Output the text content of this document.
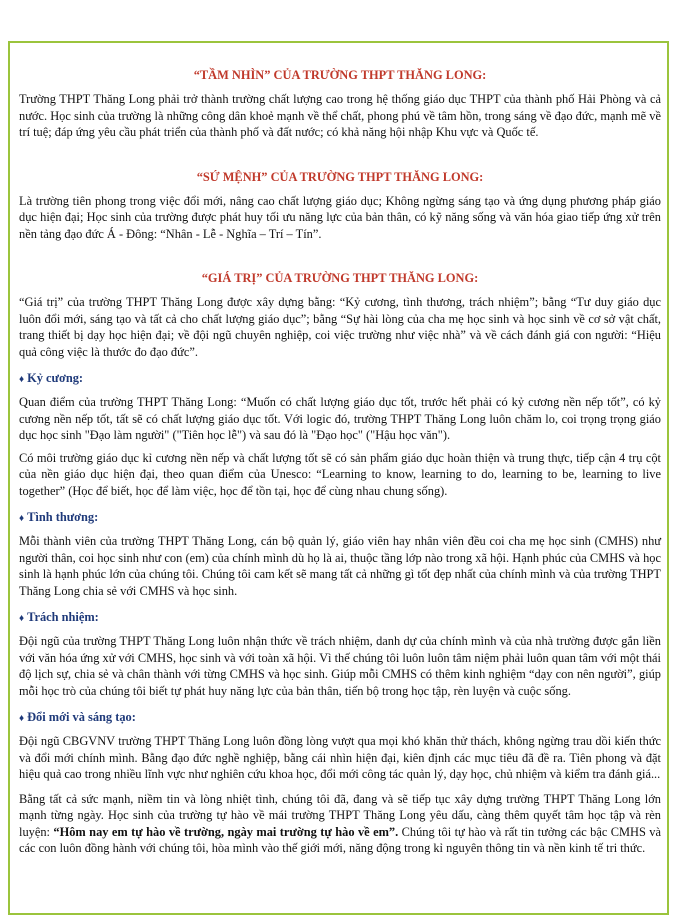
“TẦM NHÌN” CỦA TRƯỜNG THPT THĂNG LONG:

Trường THPT Thăng Long phải trở thành trường chất lượng cao trong hệ thống giáo dục THPT của thành phố Hải Phòng và cả nước. Học sinh của trường là những công dân khoẻ mạnh về thể chất, phong phú về tâm hồn, trong sáng về đạo đức, mạnh mẽ về trí tuệ; đáp ứng yêu cầu phát triển của thành phố và đất nước; có khả năng hội nhập Khu vực và Quốc tế.

“SỨ MỆNH” CỦA TRƯỜNG THPT THĂNG LONG:

Là trường tiên phong trong việc đổi mới, nâng cao chất lượng giáo dục; Không ngừng sáng tạo và ứng dụng phương pháp giáo dục hiện đại; Học sinh của trường được phát huy tối ưu năng lực của bản thân, có kỹ năng sống và văn hóa giao tiếp ứng xử trên nền tảng đạo đức Á - Đông: “Nhân - Lễ - Nghĩa – Trí – Tín”.

“GIÁ TRỊ” CỦA TRƯỜNG THPT THĂNG LONG:

“Giá trị” của trường THPT Thăng Long được xây dựng bằng: “Kỷ cương, tình thương, trách nhiệm”; bằng “Tư duy giáo dục luôn đổi mới, sáng tạo và tất cả cho chất lượng giáo dục”; bằng “Sự hài lòng của cha mẹ học sinh và học sinh về cơ sở vật chất, trang thiết bị dạy học hiện đại; về đội ngũ chuyên nghiệp, coi việc trường như việc nhà” và về cách đánh giá con người: “Hiệu quả công việc là thước đo đạo đức”.

♦ Kỷ cương:

Quan điểm của trường THPT Thăng Long: “Muốn có chất lượng giáo dục tốt, trước hết phải có kỷ cương nền nếp tốt”, có kỷ cương nền nếp tốt, tất sẽ có chất lượng giáo dục tốt. Với logic đó, trường THPT Thăng Long luôn chăm lo, coi trọng trọng giáo dục học sinh "Đạo làm người" ("Tiên học lễ") và sau đó là "Đạo học" ("Hậu học văn").

Có môi trường giáo dục kỉ cương nền nếp và chất lượng tốt sẽ có sản phẩm giáo dục hoàn thiện và trung thực, tiếp cận 4 trụ cột của nền giáo dục hiện đại, theo quan điểm của Unesco: “Learning to know, learning to do, learning to be, learning to live together” (Học để biết, học để làm việc, học để tồn tại, học để cùng nhau chung sống).

♦ Tình thương:

Mỗi thành viên của trường THPT Thăng Long, cán bộ quản lý, giáo viên hay nhân viên đều coi cha mẹ học sinh (CMHS) như người thân, coi học sinh như con (em) của chính mình dù họ là ai, thuộc tầng lớp nào trong xã hội. Hạnh phúc của CMHS và học sinh là hạnh phúc lớn của chúng tôi. Chúng tôi cam kết sẽ mang tất cả những gì tốt đẹp nhất của chính mình và của trường THPT Thăng Long chia sẻ với CMHS và học sinh.

♦ Trách nhiệm:

Đội ngũ của trường THPT Thăng Long luôn nhận thức về trách nhiệm, danh dự của chính mình và của nhà trường được gắn liền với văn hóa ứng xử với CMHS, học sinh và với toàn xã hội. Vì thế chúng tôi luôn luôn tâm niệm phải luôn quan tâm với một thái độ lịch sự, chia sẻ và chân thành với từng CMHS và học sinh. Giúp mỗi CMHS có thêm kinh nghiệm “dạy con nên người”, giúp mỗi học trò của chúng tôi biết tự phát huy năng lực của bản thân, tiến bộ trong học tập, rèn luyện và cuộc sống.

♦ Đổi mới và sáng tạo:

Đội ngũ CBGVNV trường THPT Thăng Long luôn đồng lòng vượt qua mọi khó khăn thử thách, không ngừng trau dồi kiến thức và đổi mới chính mình. Bằng đạo đức nghề nghiệp, bằng cái nhìn hiện đại, kiên định các mục tiêu đã đề ra. Tiên phong và đặt hiệu quả cao trong nhiều lĩnh vực như nghiên cứu khoa học, đổi mới công tác quản lý, dạy học, chủ nhiệm và kiểm tra đánh giá...

Bằng tất cả sức mạnh, niềm tin và lòng nhiệt tình, chúng tôi đã, đang và sẽ tiếp tục xây dựng trường THPT Thăng Long lớn mạnh từng ngày. Học sinh của trường tự hào về mái trường THPT Thăng Long yêu dấu, càng thêm quyết tâm học tập và rèn luyện: “Hôm nay em tự hào về trường, ngày mai trường tự hào về em”. Chúng tôi tự hào và rất tin tưởng các bậc CMHS và các con luôn đồng hành với chúng tôi, hòa mình vào thế giới mới, năng động trong kỉ nguyên thông tin và nền kinh tế tri thức.
